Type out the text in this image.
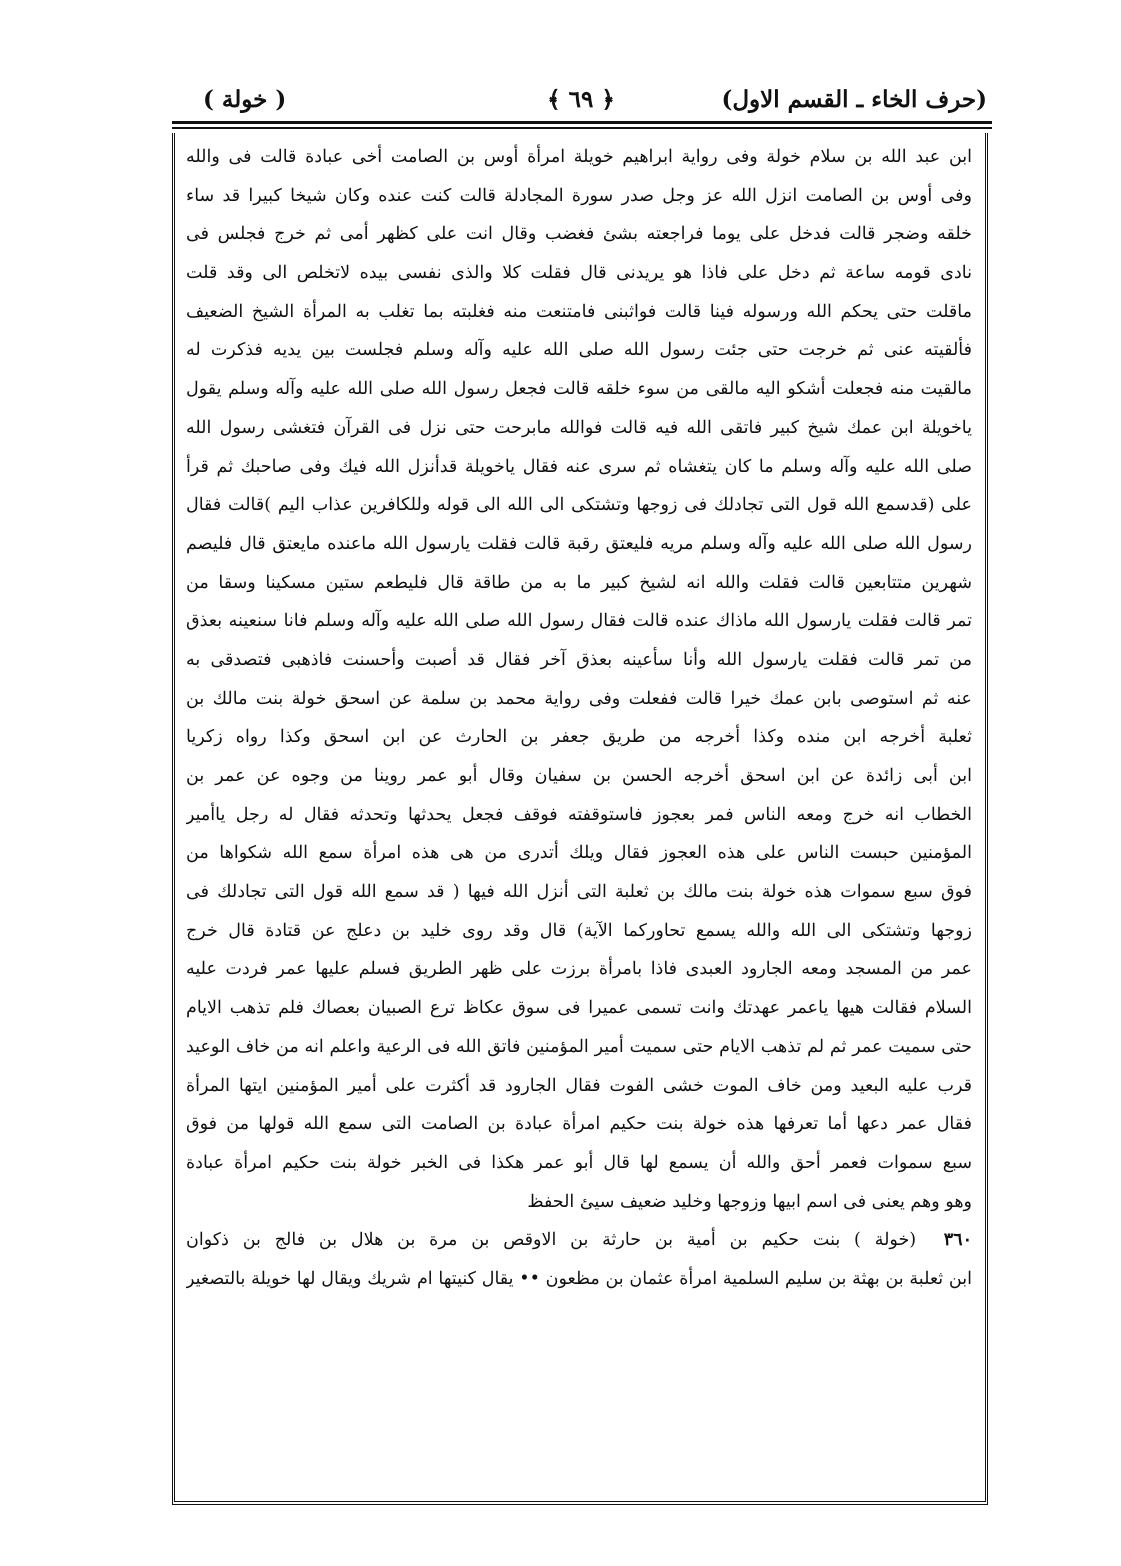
(حرف الخاء ـ القسم الاول)
﴿ ٦٩ ﴾
( خولة )
ابن عبد الله بن سلام خولة وفى رواية ابراهيم خويلة امرأة أوس بن الصامت أخى عبادة قالت فى والله
وفى أوس بن الصامت انزل الله عز وجل صدر سورة المجادلة قالت كنت عنده وكان شيخا كبيرا قد ساء
خلقه وضجر قالت فدخل على يوما فراجعته بشئ فغضب وقال انت على كظهر أمى ثم خرج فجلس فى
نادى قومه ساعة ثم دخل على فاذا هو يريدنى قال فقلت كلا والذى نفسى بيده لاتخلص الى وقد قلت
ماقلت حتى يحكم الله ورسوله فينا قالت فواثبنى فامتنعت منه فغلبته بما تغلب به المرأة الشيخ الضعيف
فألقيته عنى ثم خرجت حتى جئت رسول الله صلى الله عليه وآله وسلم فجلست بين يديه فذكرت له
مالقيت منه فجعلت أشكو اليه مالقى من سوء خلقه قالت فجعل رسول الله صلى الله عليه وآله وسلم يقول
ياخويلة ابن عمك شيخ كبير فاتقى الله فيه قالت فوالله مابرحت حتى نزل فى القرآن فتغشى رسول الله
صلى الله عليه وآله وسلم ما كان يتغشاه ثم سرى عنه فقال ياخويلة قدأنزل الله فيك وفى صاحبك ثم قرأ
على (قدسمع الله قول التى تجادلك فى زوجها وتشتكى الى الله الى قوله وللكافرين عذاب اليم )قالت فقال
رسول الله صلى الله عليه وآله وسلم مريه فليعتق رقبة قالت فقلت يارسول الله ماعنده مايعتق قال فليصم
شهرين متتابعين قالت فقلت والله انه لشيخ كبير ما به من طاقة قال فليطعم ستين مسكينا وسقا من
تمر قالت فقلت يارسول الله ماذاك عنده قالت فقال رسول الله صلى الله عليه وآله وسلم فانا سنعينه بعذق
من تمر قالت فقلت يارسول الله وأنا سأعينه بعذق آخر فقال قد أصبت وأحسنت فاذهبى فتصدقى به
عنه ثم استوصى بابن عمك خيرا قالت ففعلت وفى رواية محمد بن سلمة عن اسحق خولة بنت مالك بن
ثعلبة أخرجه ابن منده وكذا أخرجه من طريق جعفر بن الحارث عن ابن اسحق وكذا رواه زكريا
ابن أبى زائدة عن ابن اسحق أخرجه الحسن بن سفيان وقال أبو عمر روينا من وجوه عن عمر بن
الخطاب انه خرج ومعه الناس فمر بعجوز فاستوقفته فوقف فجعل يحدثها وتحدثه فقال له رجل ياأمير
المؤمنين حبست الناس على هذه العجوز فقال ويلك أتدرى من هى هذه امرأة سمع الله شكواها من
فوق سبع سموات هذه خولة بنت مالك بن ثعلبة التى أنزل الله فيها ( قد سمع الله قول التى تجادلك فى
زوجها وتشتكى الى الله والله يسمع تحاوركما الآية) قال وقد روى خليد بن دعلج عن قتادة قال خرج
عمر من المسجد ومعه الجارود العبدى فاذا بامرأة برزت على ظهر الطريق فسلم عليها عمر فردت عليه
السلام فقالت هيها ياعمر عهدتك وانت تسمى عميرا فى سوق عكاظ ترع الصبيان بعصاك فلم تذهب الايام
حتى سميت عمر ثم لم تذهب الايام حتى سميت أمير المؤمنين فاتق الله فى الرعية واعلم انه من خاف الوعيد
قرب عليه البعيد ومن خاف الموت خشى الفوت فقال الجارود قد أكثرت على أمير المؤمنين ايتها المرأة
فقال عمر دعها أما تعرفها هذه خولة بنت حكيم امرأة عبادة بن الصامت التى سمع الله قولها من فوق
سبع سموات فعمر أحق والله أن يسمع لها قال أبو عمر هكذا فى الخبر خولة بنت حكيم امرأة عبادة
وهو وهم يعنى فى اسم ابيها وزوجها وخليد ضعيف سيئ الحفظ
٣٦٠  (خولة ) بنت حكيم بن أمية بن حارثة بن الاوقص بن مرة بن هلال بن فالج بن ذكوان
ابن ثعلبة بن بهثة بن سليم السلمية امرأة عثمان بن مظعون •• يقال كنيتها ام شريك ويقال لها خويلة بالتصغير
